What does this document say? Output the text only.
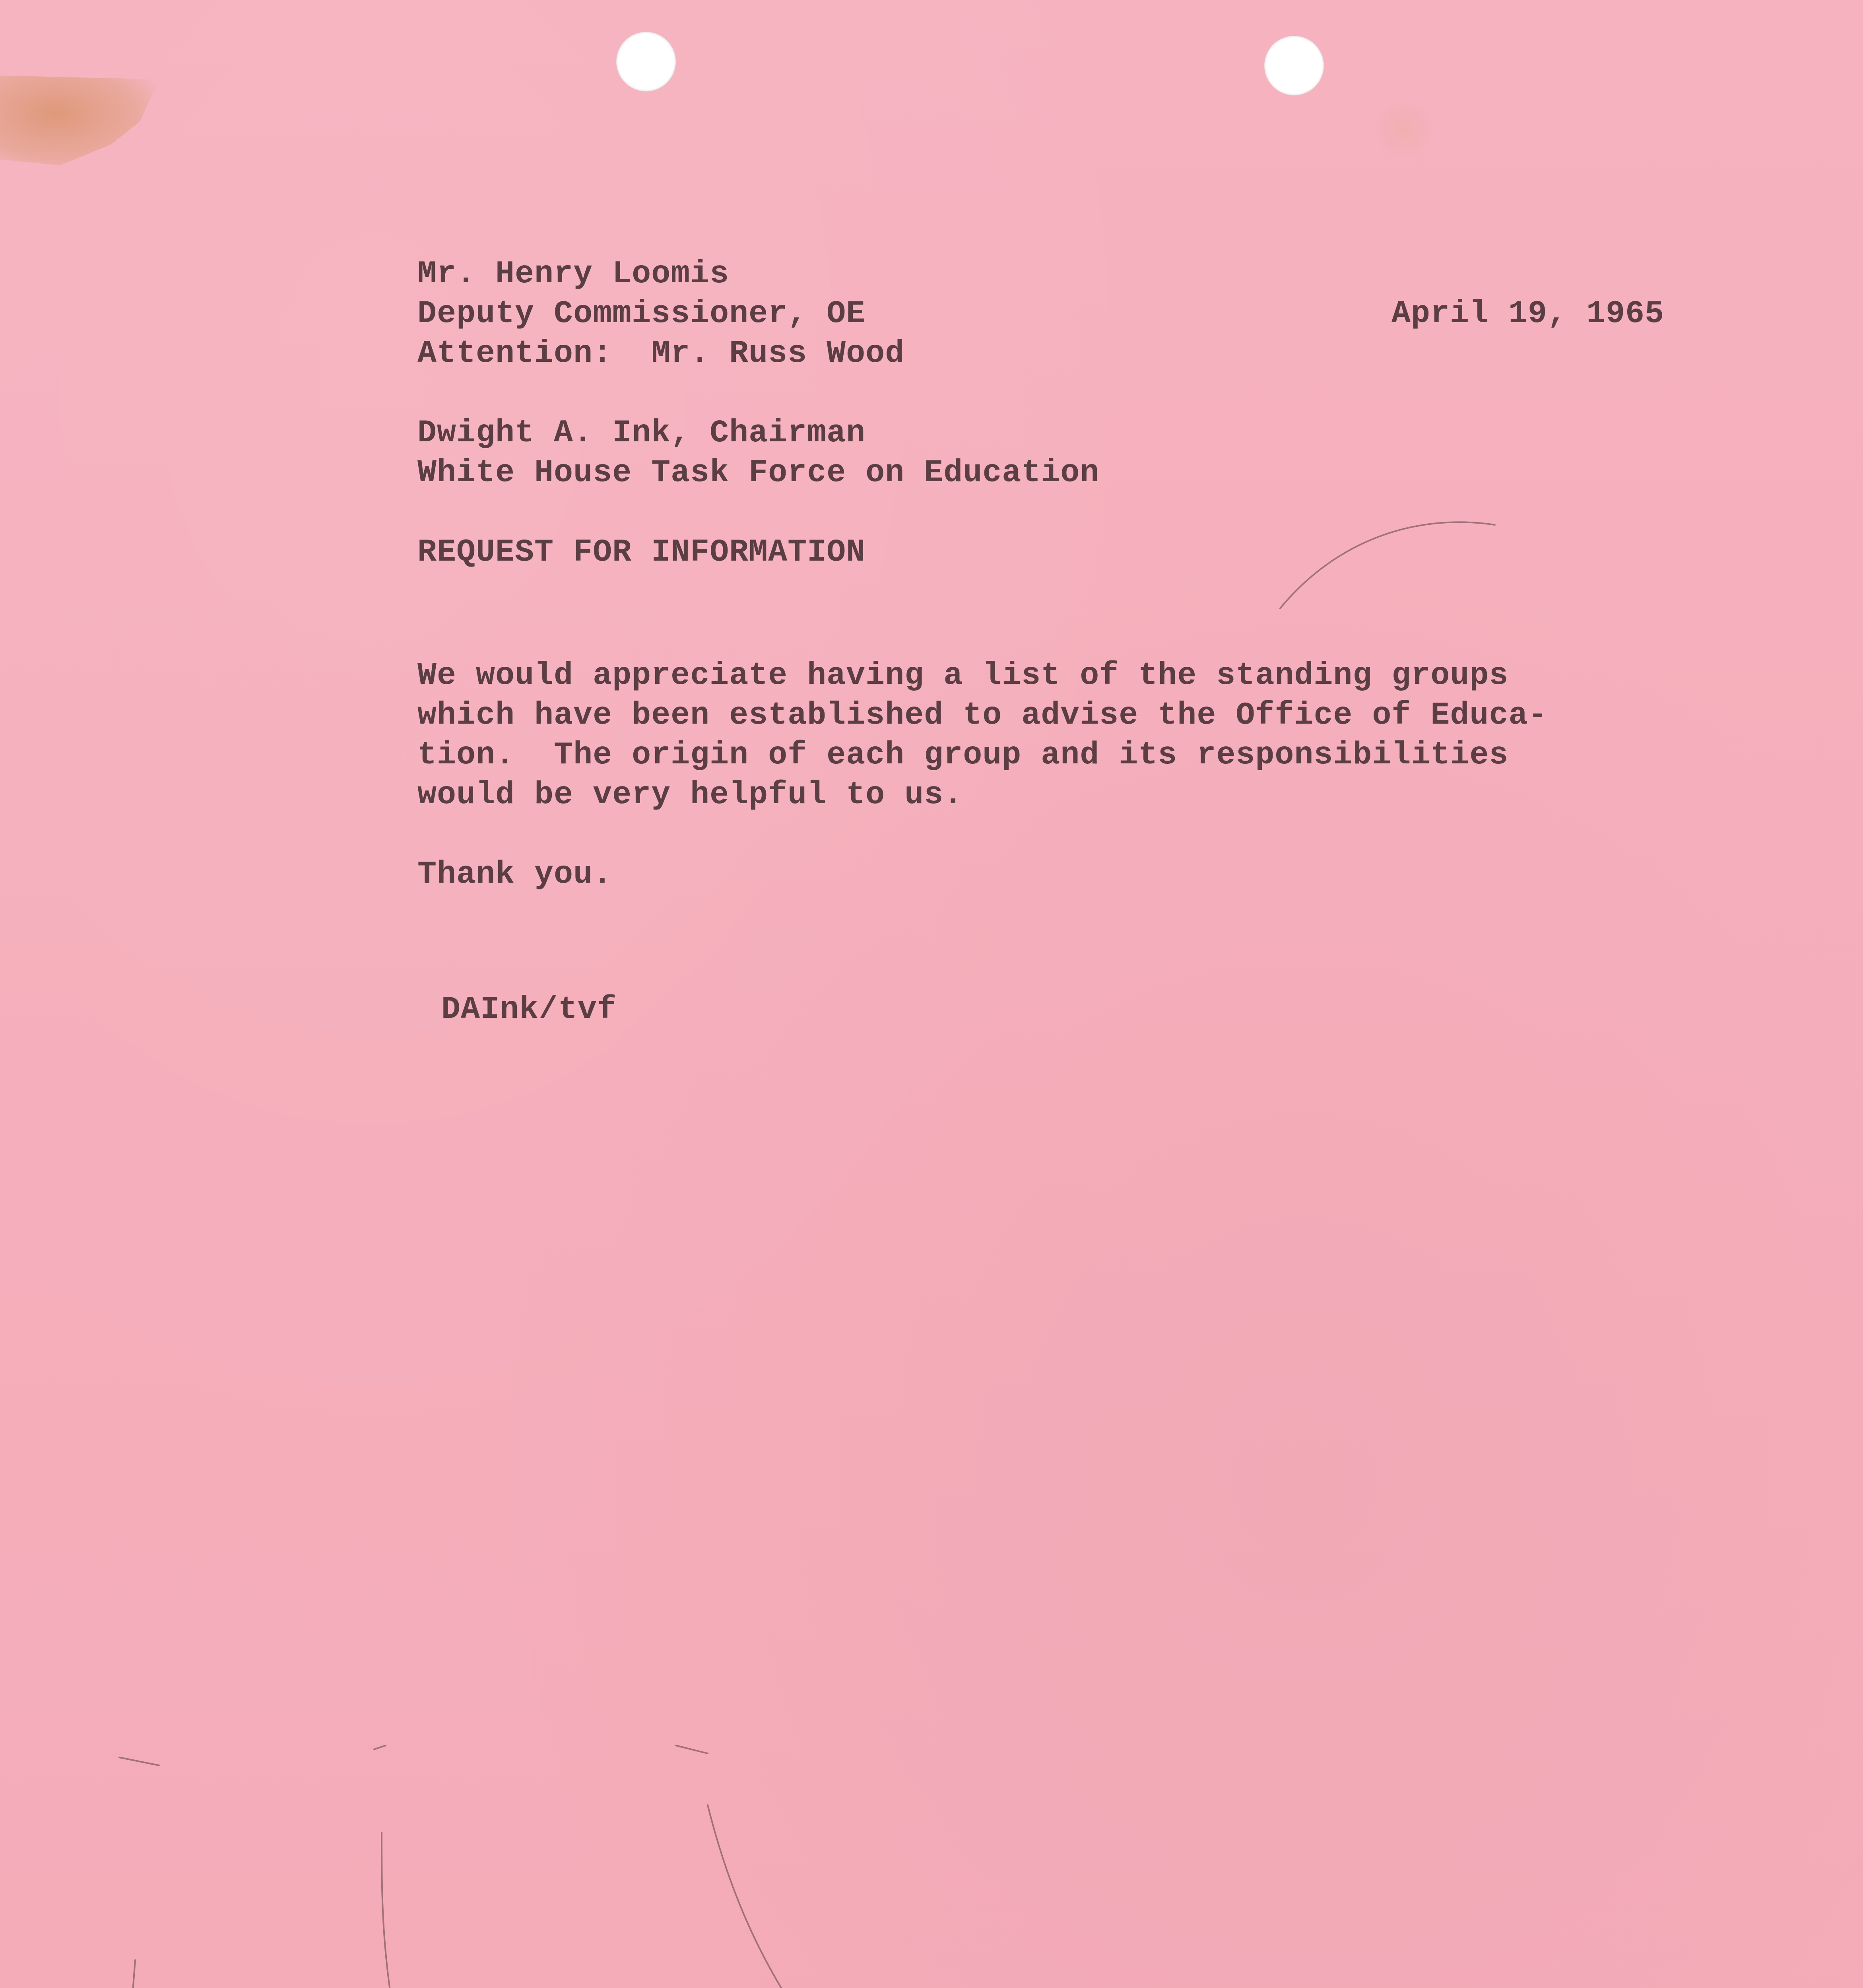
Mr. Henry Loomis
Deputy Commissioner, OE
Attention:  Mr. Russ Wood
April 19, 1965
Dwight A. Ink, Chairman
White House Task Force on Education
REQUEST FOR INFORMATION
We would appreciate having a list of the standing groups
which have been established to advise the Office of Educa-
tion.  The origin of each group and its responsibilities
would be very helpful to us.
Thank you.
DAInk/tvf
